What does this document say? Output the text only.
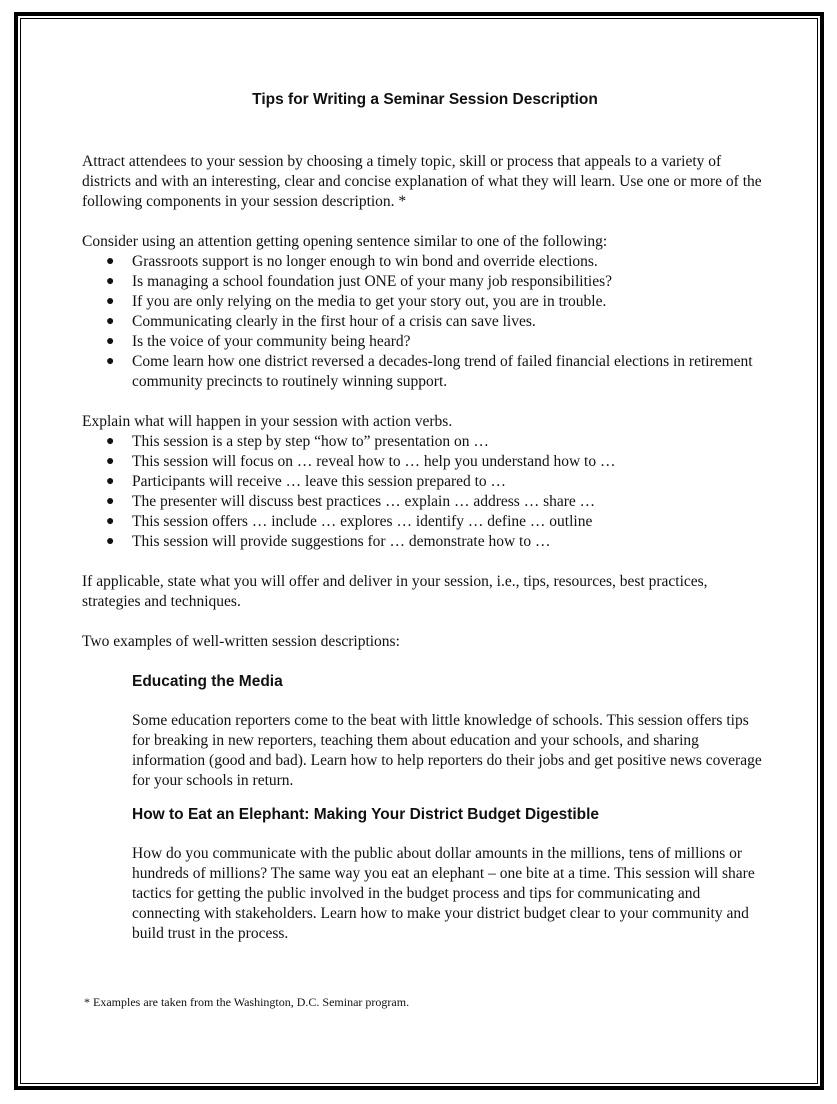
Tips for Writing a Seminar Session Description

Attract attendees to your session by choosing a timely topic, skill or process that appeals to a variety of districts and with an interesting, clear and concise explanation of what they will learn. Use one or more of the following components in your session description. *

Consider using an attention getting opening sentence similar to one of the following:

● Grassroots support is no longer enough to win bond and override elections.
● Is managing a school foundation just ONE of your many job responsibilities?
● If you are only relying on the media to get your story out, you are in trouble.
● Communicating clearly in the first hour of a crisis can save lives.
● Is the voice of your community being heard?
● Come learn how one district reversed a decades-long trend of failed financial elections in retirement community precincts to routinely winning support.

Explain what will happen in your session with action verbs.

● This session is a step by step “how to” presentation on …
● This session will focus on … reveal how to … help you understand how to …
● Participants will receive … leave this session prepared to …
● The presenter will discuss best practices … explain … address … share …
● This session offers … include … explores … identify … define … outline
● This session will provide suggestions for … demonstrate how to …

If applicable, state what you will offer and deliver in your session, i.e., tips, resources, best practices, strategies and techniques.

Two examples of well-written session descriptions:

Educating the Media

Some education reporters come to the beat with little knowledge of schools. This session offers tips for breaking in new reporters, teaching them about education and your schools, and sharing information (good and bad). Learn how to help reporters do their jobs and get positive news coverage for your schools in return.

How to Eat an Elephant: Making Your District Budget Digestible

How do you communicate with the public about dollar amounts in the millions, tens of millions or hundreds of millions? The same way you eat an elephant – one bite at a time. This session will share tactics for getting the public involved in the budget process and tips for communicating and connecting with stakeholders. Learn how to make your district budget clear to your community and build trust in the process.

* Examples are taken from the Washington, D.C. Seminar program.
